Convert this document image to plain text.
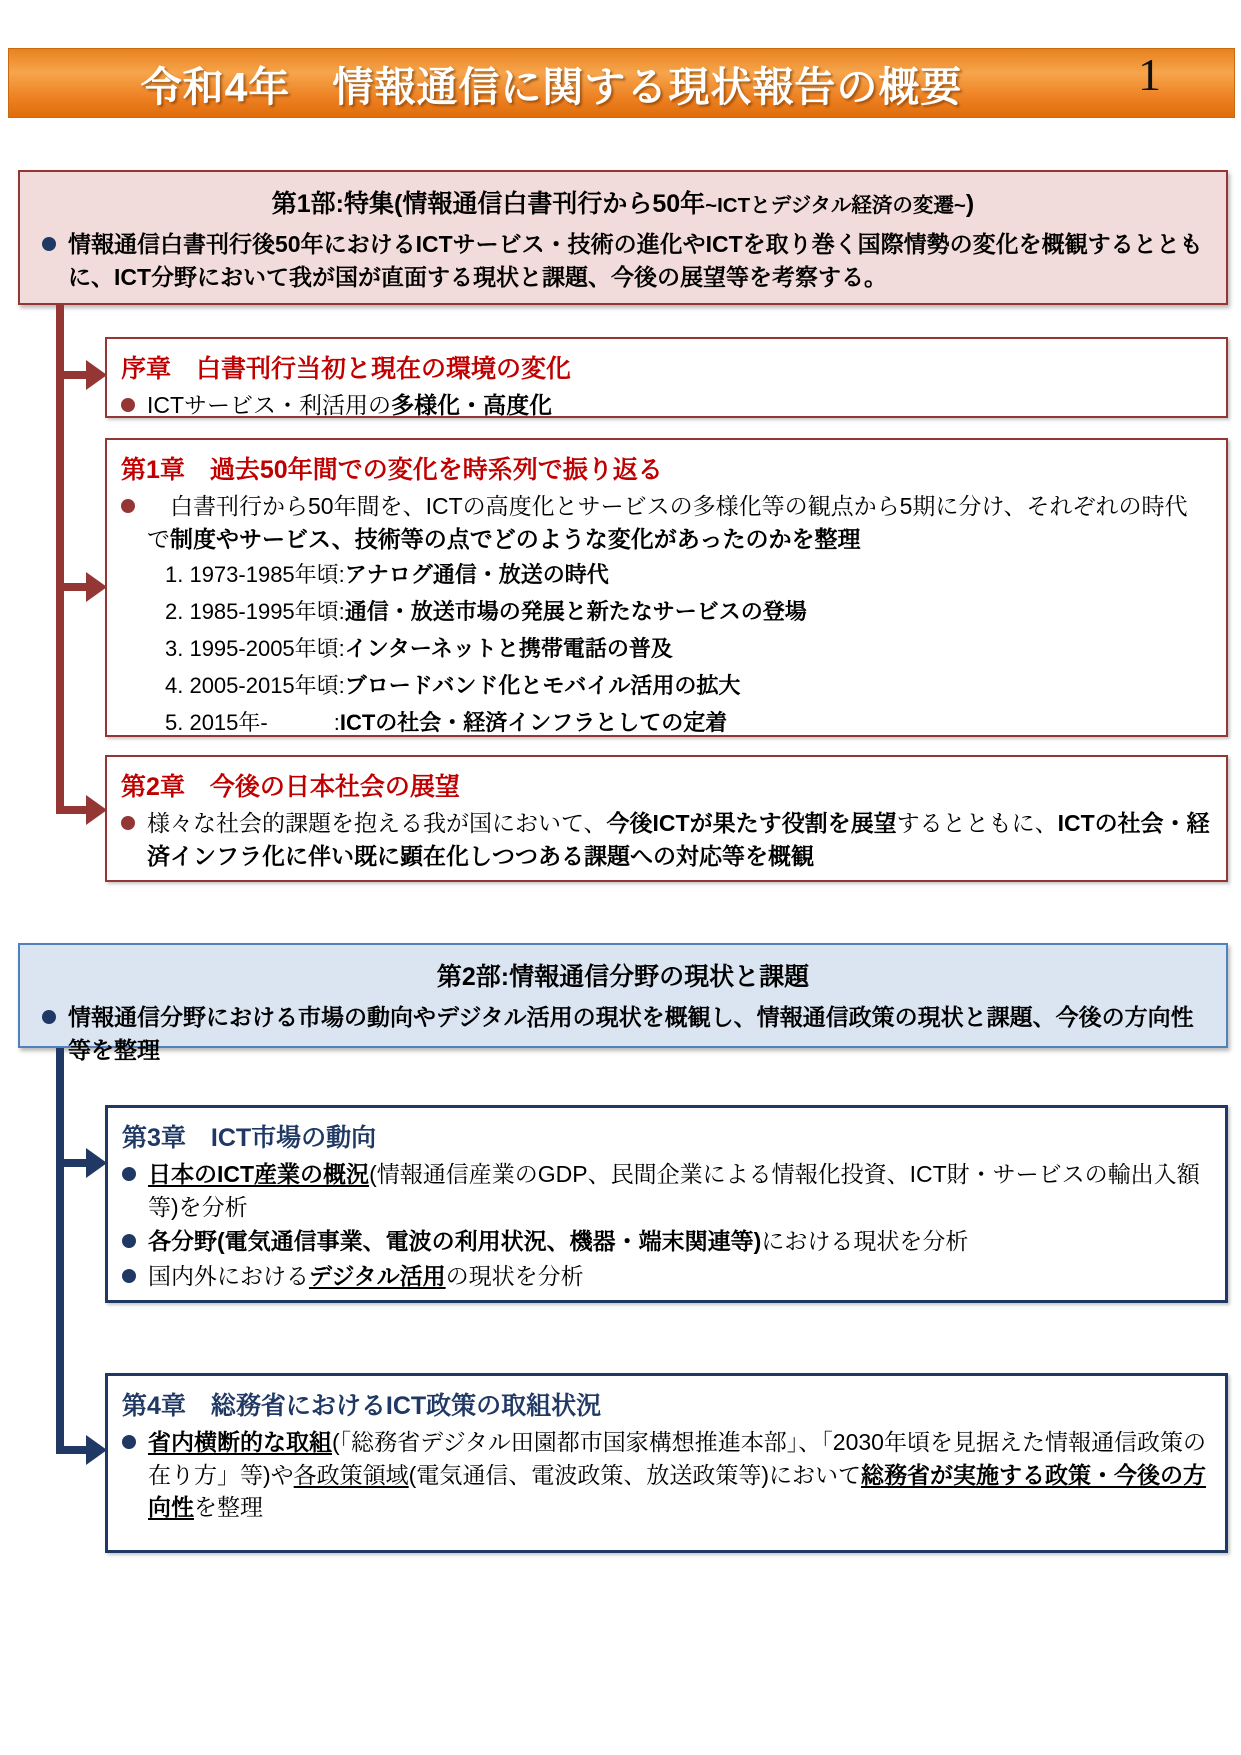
令和4年　情報通信に関する現状報告の概要	1
第1部:特集(情報通信白書刊行から50年~ICTとデジタル経済の変遷~)

情報通信白書刊行後50年におけるICTサービス・技術の進化やICTを取り巻く国際情勢の変化を概観するとともに、ICT分野において我が国が直面する現状と課題、今後の展望等を考察する。

序章　白書刊行当初と現在の環境の変化

ICTサービス・利活用の多様化・高度化

第1章　過去50年間での変化を時系列で振り返る

　白書刊行から50年間を、ICTの高度化とサービスの多様化等の観点から5期に分け、それぞれの時代で制度やサービス、技術等の点でどのような変化があったのかを整理

1. 1973-1985年頃:アナログ通信・放送の時代

2. 1985-1995年頃:通信・放送市場の発展と新たなサービスの登場

3. 1995-2005年頃:インターネットと携帯電話の普及

4. 2005-2015年頃:ブロードバンド化とモバイル活用の拡大

5. 2015年-　　　:ICTの社会・経済インフラとしての定着

第2章　今後の日本社会の展望

様々な社会的課題を抱える我が国において、今後ICTが果たす役割を展望するとともに、ICTの社会・経済インフラ化に伴い既に顕在化しつつある課題への対応等を概観

第2部:情報通信分野の現状と課題

情報通信分野における市場の動向やデジタル活用の現状を概観し、情報通信政策の現状と課題、今後の方向性等を整理

第3章　ICT市場の動向

日本のICT産業の概況(情報通信産業のGDP、民間企業による情報化投資、ICT財・サービスの輸出入額等)を分析

各分野(電気通信事業、電波の利用状況、機器・端末関連等)における現状を分析

国内外におけるデジタル活用の現状を分析

第4章　総務省におけるICT政策の取組状況

省内横断的な取組(「総務省デジタル田園都市国家構想推進本部」、「2030年頃を見据えた情報通信政策の在り方」等)や各政策領域(電気通信、電波政策、放送政策等)において総務省が実施する政策・今後の方向性を整理
